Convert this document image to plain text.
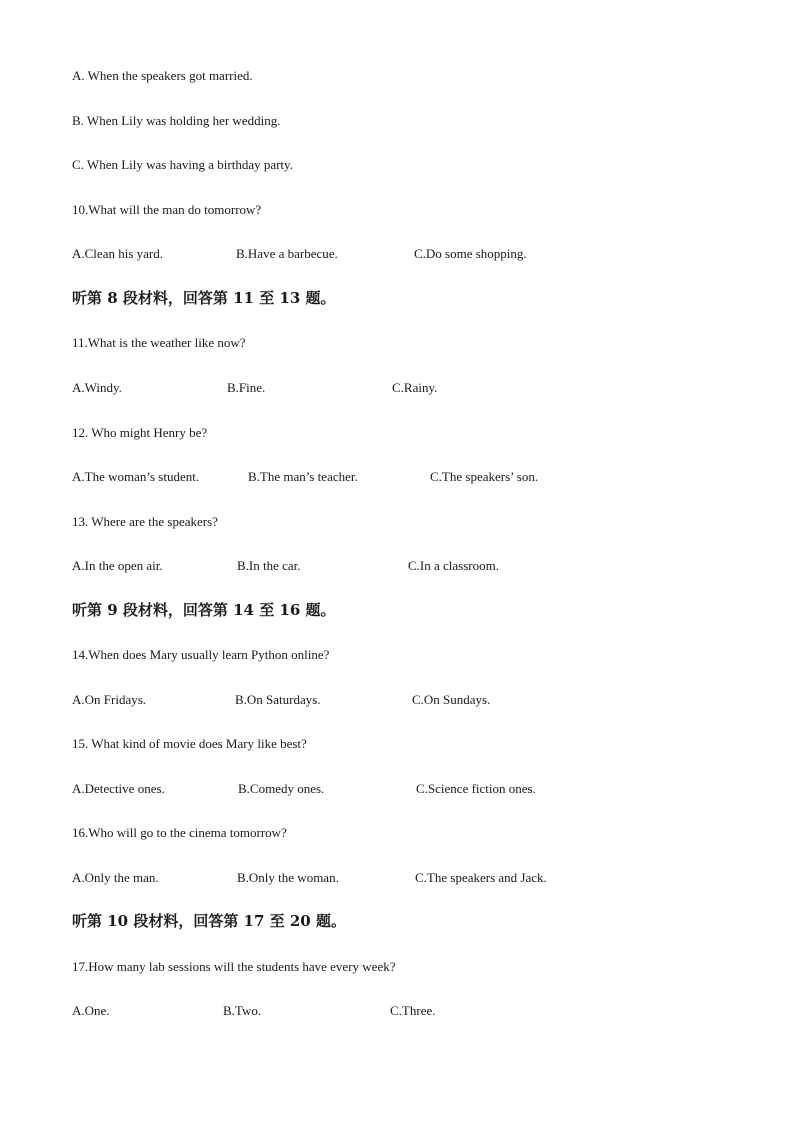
A. When the speakers got married.
B. When Lily was holding her wedding.
C. When Lily was having a birthday party.
10.What will the man do tomorrow?
A.Clean his yard.	B.Have a barbecue.	C.Do some shopping.
听第 8 段材料，回答第 11 至 13 题。
11.What is the weather like now?
A.Windy.	B.Fine.	C.Rainy.
12. Who might Henry be?
A.The woman’s student.	B.The man’s teacher.	C.The speakers’ son.
13. Where are the speakers?
A.In the open air.	B.In the car.	C.In a classroom.
听第 9 段材料，回答第 14 至 16 题。
14.When does Mary usually learn Python online?
A.On Fridays.	B.On Saturdays.	C.On Sundays.
15. What kind of movie does Mary like best?
A.Detective ones.	B.Comedy ones.	C.Science fiction ones.
16.Who will go to the cinema tomorrow?
A.Only the man.	B.Only the woman.	C.The speakers and Jack.
听第 10 段材料，回答第 17 至 20 题。
17.How many lab sessions will the students have every week?
A.One.	B.Two.	C.Three.
